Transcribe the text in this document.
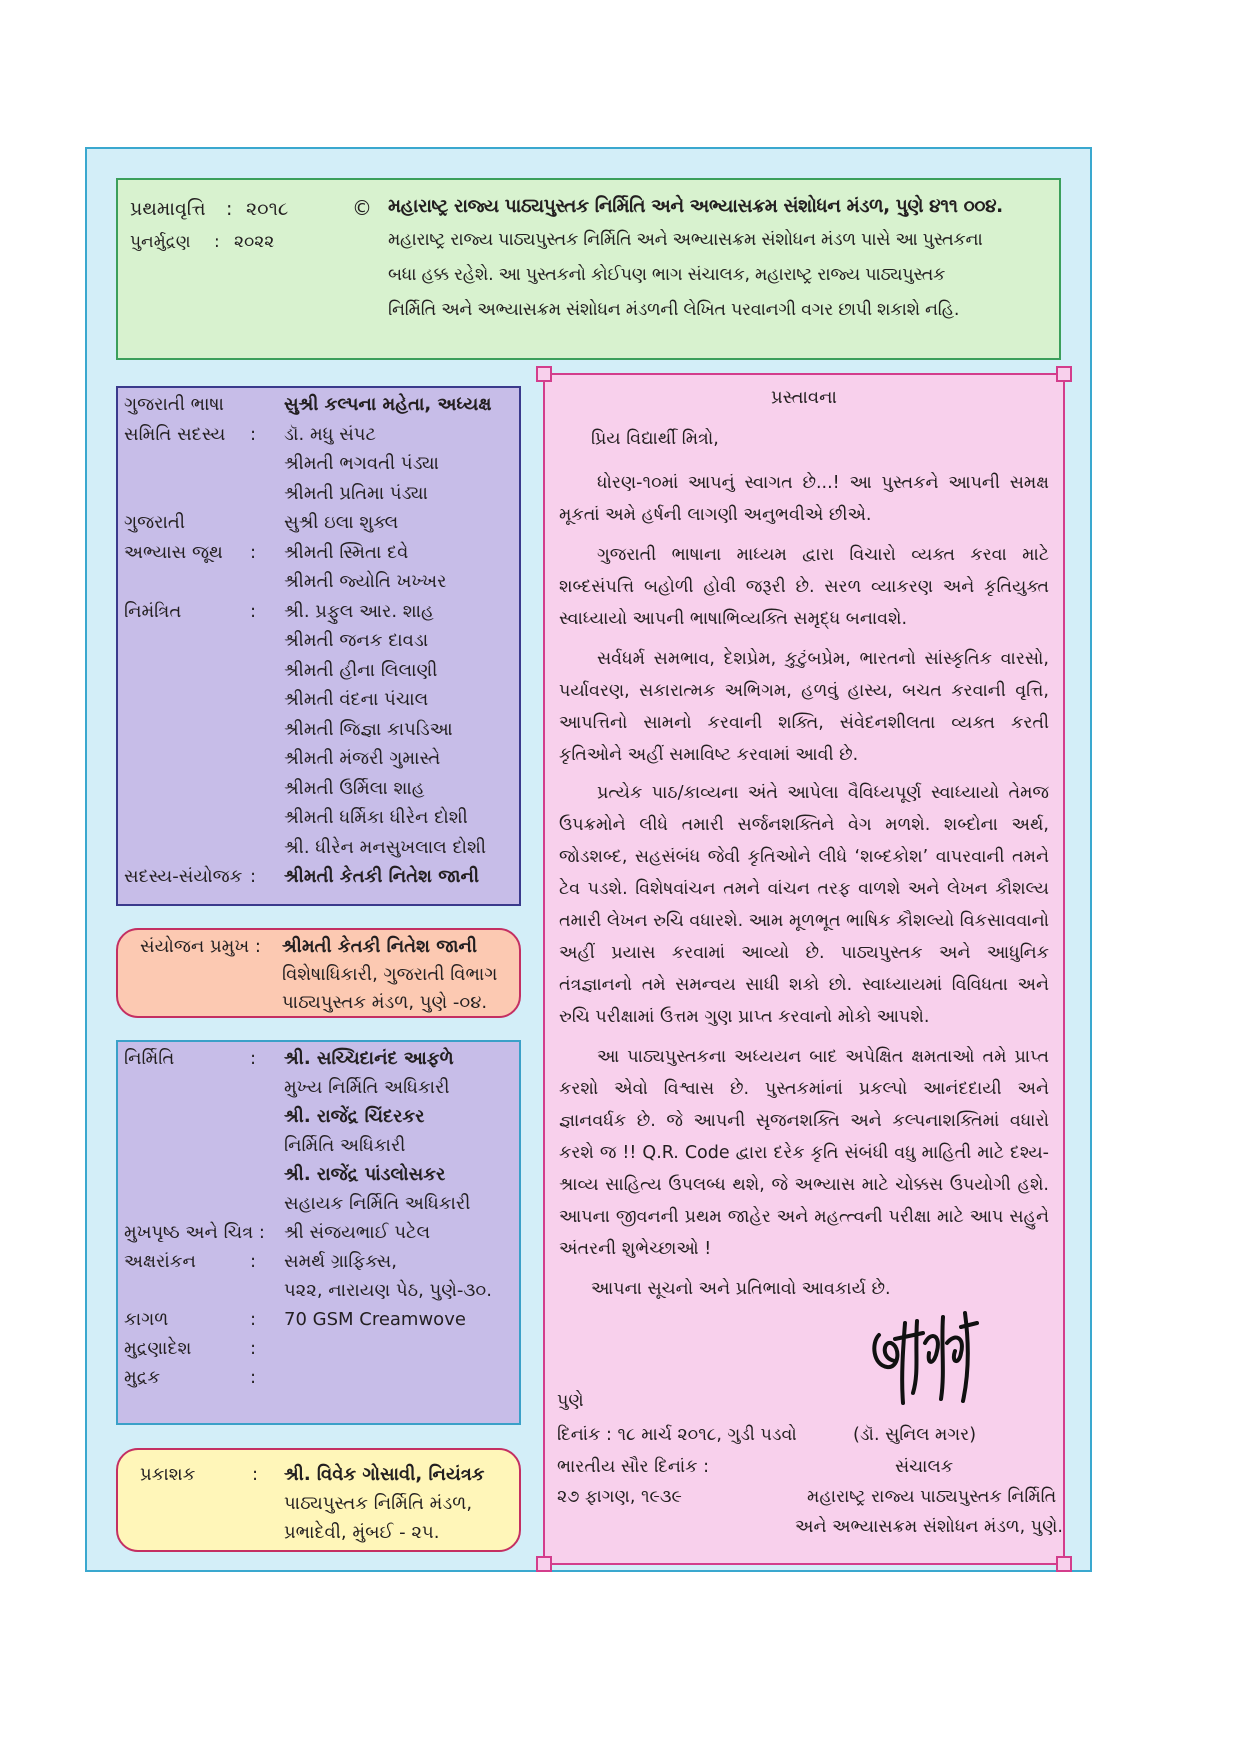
પ્રથમાવૃત્તિ : ૨૦૧૮
પુનર્મુદ્રણ : ૨૦૨૨
© મહારાષ્ટ્ર રાજ્ય પાઠ્યપુસ્તક નિર્મિતિ અને અભ્યાસક્રમ સંશોધન મંડળ, પુણે ૪૧૧ ૦૦૪.
મહારાષ્ટ્ર રાજ્ય પાઠ્યપુસ્તક નિર્મિતિ અને અભ્યાસક્રમ સંશોધન મંડળ પાસે આ પુસ્તકના
બધા હક્ક રહેશે. આ પુસ્તકનો કોઈપણ ભાગ સંચાલક, મહારાષ્ટ્ર રાજ્ય પાઠ્યપુસ્તક
નિર્મિતિ અને અભ્યાસક્રમ સંશોધન મંડળની લેખિત પરવાનગી વગર છાપી શકાશે નહિ.
ગુજરાતી ભાષા	સુશ્રી કલ્પના મહેતા, અધ્યક્ષ
સમિતિ સદસ્ય : ડૉ. મધુ સંપટ
શ્રીમતી ભગવતી પંડ્યા
શ્રીમતી પ્રતિમા પંડ્યા
ગુજરાતી	સુશ્રી ઇલા શુક્લ
અભ્યાસ જૂથ : શ્રીમતી સ્મિતા દવે
શ્રીમતી જ્યોતિ ખખ્ખર
નિમંત્રિત	: શ્રી. પ્રફુલ આર. શાહ
શ્રીમતી જનક દાવડા
શ્રીમતી હીના લિલાણી
શ્રીમતી વંદના પંચાલ
શ્રીમતી જિજ્ઞા કાપડિઆ
શ્રીમતી મંજરી ગુમાસ્તે
શ્રીમતી ઉર્મિલા શાહ
શ્રીમતી ધર્મિકા ધીરેન દોશી
શ્રી. ધીરેન મનસુખલાલ દોશી
સદસ્ય-સંયોજક : શ્રીમતી કેતકી નિતેશ જાની
સંયોજન પ્રમુખ : શ્રીમતી કેતકી નિતેશ જાની
વિશેષાધિકારી, ગુજરાતી વિભાગ
પાઠ્યપુસ્તક મંડળ, પુણે -૦૪.
નિર્મિતિ	: શ્રી. સચ્ચિદાનંદ આફળે
મુખ્ય નિર્મિતિ અધિકારી
શ્રી. રાજેંદ્ર ચિંદરકર
નિર્મિતિ અધિકારી
શ્રી. રાજેંદ્ર પાંડલોસકર
સહાયક નિર્મિતિ અધિકારી
મુખપૃષ્ઠ અને ચિત્ર : શ્રી સંજયભાઈ પટેલ
અક્ષરાંકન	: સમર્થ ગ્રાફિક્સ,
પ૨૨, નારાયણ પેઠ, પુણે-૩૦.
કાગળ	: 70 GSM Creamwove
મુદ્રણાદેશ	:
મુદ્રક	:
પ્રકાશક	: શ્રી. વિવેક ગોસાવી, નિયંત્રક
પાઠ્યપુસ્તક નિર્મિતિ મંડળ,
પ્રભાદેવી, મુંબઈ - ૨૫.
પ્રસ્તાવના
પ્રિય વિદ્યાર્થી મિત્રો,
ધોરણ-૧૦માં આપનું સ્વાગત છે...! આ પુસ્તકને આપની સમક્ષ મૂકતાં અમે હર્ષની લાગણી અનુભવીએ છીએ.
ગુજરાતી ભાષાના માધ્યમ દ્વારા વિચારો વ્યક્ત કરવા માટે શબ્દસંપત્તિ બહોળી હોવી જરૂરી છે. સરળ વ્યાકરણ અને કૃતિયુક્ત સ્વાધ્યાયો આપની ભાષાભિવ્યક્તિ સમૃદ્ધ બનાવશે.
સર્વધર્મ સમભાવ, દેશપ્રેમ, કુટુંબપ્રેમ, ભારતનો સાંસ્કૃતિક વારસો, પર્યાવરણ, સકારાત્મક અભિગમ, હળવું હાસ્ય, બચત કરવાની વૃત્તિ, આપત્તિનો સામનો કરવાની શક્તિ, સંવેદનશીલતા વ્યક્ત કરતી કૃતિઓને અહીં સમાવિષ્ટ કરવામાં આવી છે.
પ્રત્યેક પાઠ/કાવ્યના અંતે આપેલા વૈવિધ્યપૂર્ણ સ્વાધ્યાયો તેમજ ઉપક્રમોને લીધે તમારી સર્જનશક્તિને વેગ મળશે. શબ્દોના અર્થ, જોડશબ્દ, સહસંબંધ જેવી કૃતિઓને લીધે ‘શબ્દકોશ’ વાપરવાની તમને ટેવ પડશે. વિશેષવાંચન તમને વાંચન તરફ વાળશે અને લેખન કૌશલ્ય તમારી લેખન રુચિ વધારશે. આમ મૂળભૂત ભાષિક કૌશલ્યો વિકસાવવાનો અહીં પ્રયાસ કરવામાં આવ્યો છે. પાઠ્યપુસ્તક અને આધુનિક તંત્રજ્ઞાનનો તમે સમન્વય સાધી શકો છો. સ્વાધ્યાયમાં વિવિધતા અને રુચિ પરીક્ષામાં ઉત્તમ ગુણ પ્રાપ્ત કરવાનો મોકો આપશે.
આ પાઠ્યપુસ્તકના અધ્યયન બાદ અપેક્ષિત ક્ષમતાઓ તમે પ્રાપ્ત કરશો એવો વિશ્વાસ છે. પુસ્તકમાંનાં પ્રકલ્પો આનંદદાયી અને જ્ઞાનવર્ધક છે. જે આપની સૃજનશક્તિ અને કલ્પનાશક્તિમાં વધારો કરશે જ !! Q.R. Code દ્વારા દરેક કૃતિ સંબંધી વધુ માહિતી માટે દશ્ય-શ્રાવ્ય સાહિત્ય ઉપલબ્ધ થશે, જે અભ્યાસ માટે ચોક્કસ ઉપયોગી હશે. આપના જીવનની પ્રથમ જાહેર અને મહત્ત્વની પરીક્ષા માટે આપ સહુને અંતરની શુભેચ્છાઓ !
આપના સૂચનો અને પ્રતિભાવો આવકાર્ય છે.
પુણે
દિનાંક : ૧૮ માર્ચ ૨૦૧૮, ગુડી પડવો	(ડૉ. સુનિલ મગર)
ભારતીય સૌર દિનાંક :	સંચાલક
૨૭ ફાગણ, ૧૯૩૯	મહારાષ્ટ્ર રાજ્ય પાઠ્યપુસ્તક નિર્મિતિ
અને અભ્યાસક્રમ સંશોધન મંડળ, પુણે.
